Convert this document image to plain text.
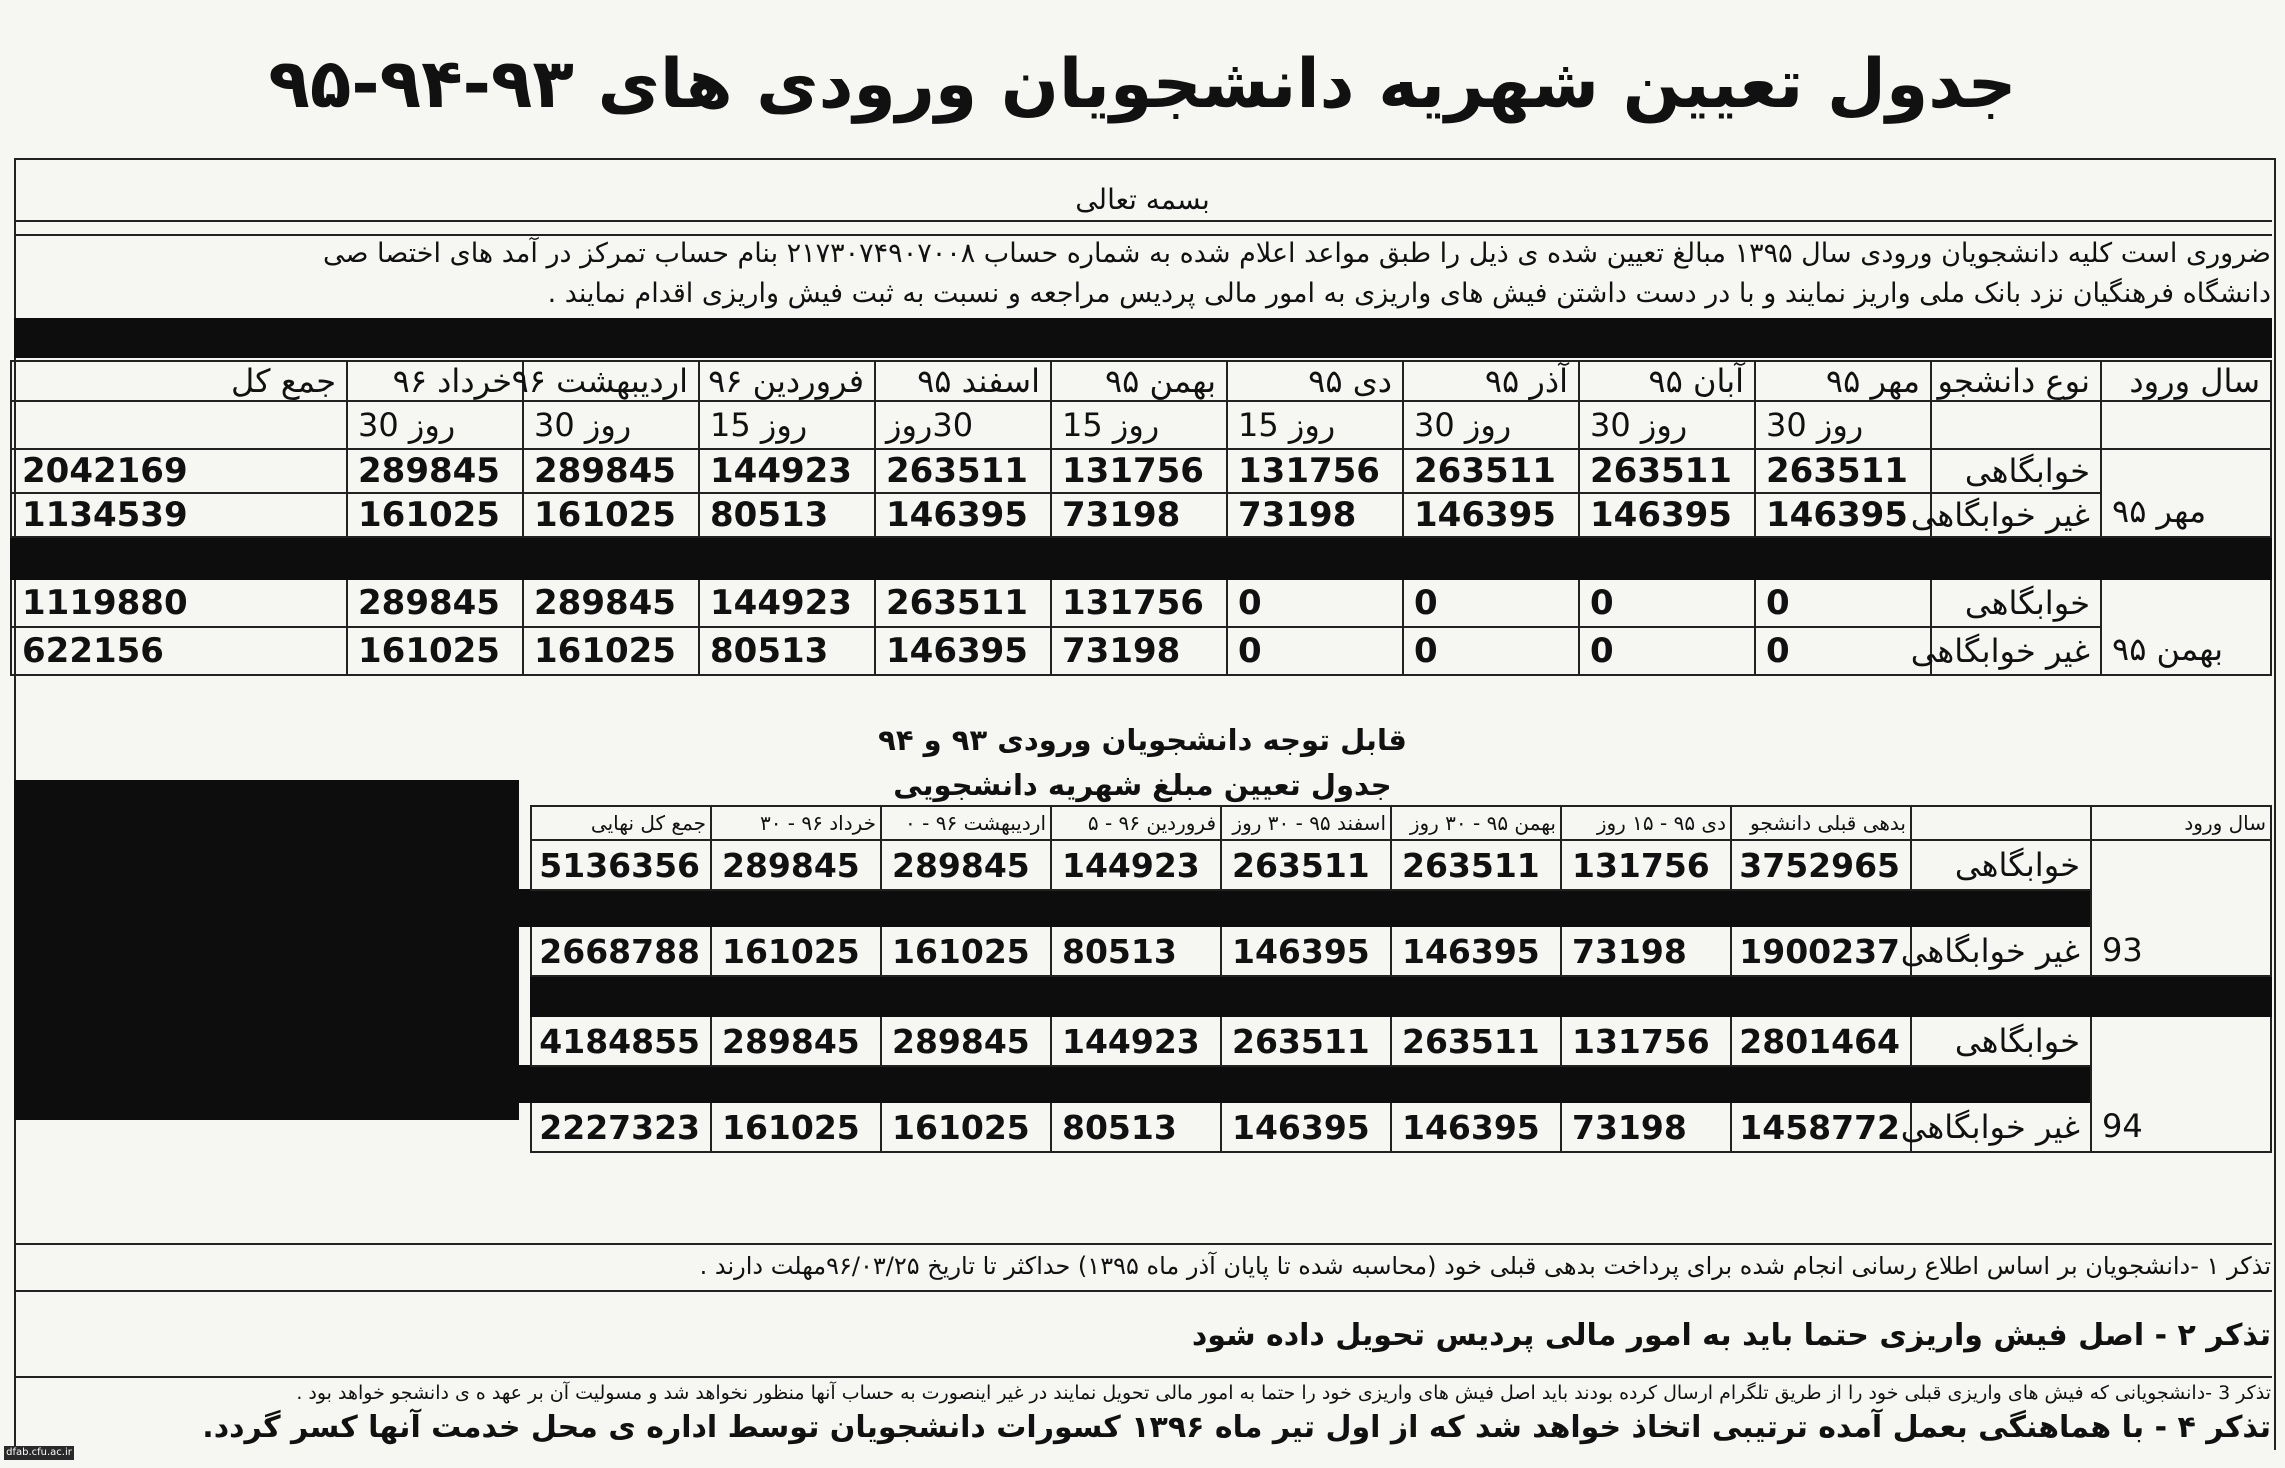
جدول تعیین شهریه دانشجویان ورودی های ۹۳-۹۴-۹۵
بسمه تعالی
ضروری است کلیه دانشجویان ورودی سال ۱۳۹۵ مبالغ تعیین شده ی ذیل را طبق مواعد اعلام شده به شماره حساب ۲۱۷۳۰۷۴۹۰۷۰۰۸ بنام حساب تمرکز در آمد های اختصا صی
دانشگاه فرهنگیان نزد بانک ملی واریز نمایند و با در دست داشتن فیش های واریزی به امور مالی پردیس مراجعه و نسبت به ثبت فیش واریزی اقدام نمایند .
سال ورود	نوع دانشجو	مهر ۹۵	آبان ۹۵	آذر ۹۵	دی ۹۵	بهمن ۹۵	اسفند ۹۵	فروردین ۹۶	اردیبهشت ۹۶	خرداد ۹۶	جمع کل
		روز 30	روز 30	روز 30	روز 15	روز 15	30روز	روز 15	روز 30	روز 30	
مهر ۹۵	خوابگاهی	263511	263511	263511	131756	131756	263511	144923	289845	289845	2042169
	غیر خوابگاهی	146395	146395	146395	73198	73198	146395	80513	161025	161025	1134539

بهمن ۹۵	خوابگاهی	0	0	0	0	131756	263511	144923	289845	289845	1119880
	غیر خوابگاهی	0	0	0	0	73198	146395	80513	161025	161025	622156
قابل توجه دانشجویان ورودی ۹۳ و ۹۴
جدول تعیین مبلغ شهریه دانشجویی
سال ورود		بدهی قبلی دانشجو	دی ۹۵ - ۱۵ روز	بهمن ۹۵ - ۳۰ روز	اسفند ۹۵ - ۳۰ روز	فروردین ۹۶ - ۵	اردیبهشت ۹۶ - ۰	خرداد ۹۶ - ۳۰	جمع کل نهایی
93	خوابگاهی	3752965	131756	263511	263511	144923	289845	289845	5136356

	غیر خوابگاهی	1900237	73198	146395	146395	80513	161025	161025	2668788

94	خوابگاهی	2801464	131756	263511	263511	144923	289845	289845	4184855

	غیر خوابگاهی	1458772	73198	146395	146395	80513	161025	161025	2227323
تذکر ۱ -دانشجویان بر اساس اطلاع رسانی انجام شده برای پرداخت بدهی قبلی خود (محاسبه شده تا پایان آذر ماه ۱۳۹۵) حداکثر تا تاریخ ۹۶/۰۳/۲۵مهلت دارند .
تذکر ۲ - اصل فیش واریزی حتما باید به امور مالی پردیس تحویل داده شود
تذکر 3 -دانشجویانی که فیش های واریزی قبلی خود را از طریق تلگرام ارسال کرده بودند باید اصل فیش های واریزی خود را حتما به امور مالی تحویل نمایند در غیر اینصورت به حساب آنها منظور نخواهد شد و مسولیت آن بر عهد ه ی دانشجو خواهد بود .
تذکر ۴ - با هماهنگی بعمل آمده ترتیبی اتخاذ خواهد شد که از اول تیر ماه ۱۳۹۶ کسورات دانشجویان توسط اداره ی محل خدمت آنها کسر گردد.
dfab.cfu.ac.ir
